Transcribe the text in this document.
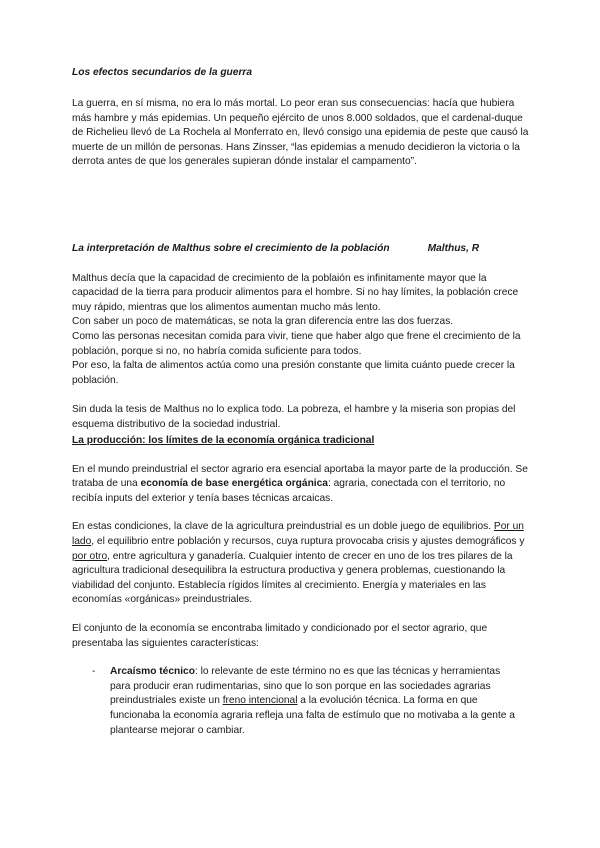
Los efectos secundarios de la guerra

La guerra, en sí misma, no era lo más mortal. Lo peor eran sus consecuencias: hacía que hubiera más hambre y más epidemias. Un pequeño ejército de unos 8.000 soldados, que el cardenal-duque de Richelieu llevó de La Rochela al Monferrato en, llevó consigo una epidemia de peste que causó la muerte de un millón de personas. Hans Zinsser, “las epidemias a menudo decidieron la victoria o la derrota antes de que los generales supieran dónde instalar el campamento”.

La interpretación de Malthus sobre el crecimiento de la población	Malthus, R

Malthus decía que la capacidad de crecimiento de la poblaión es infinitamente mayor que la capacidad de la tierra para producir alimentos para el hombre. Si no hay límites, la población crece muy rápido, mientras que los alimentos aumentan mucho más lento.

Con saber un poco de matemáticas, se nota la gran diferencia entre las dos fuerzas.

Como las personas necesitan comida para vivir, tiene que haber algo que frene el crecimiento de la población, porque si no, no habría comida suficiente para todos.

Por eso, la falta de alimentos actúa como una presión constante que limita cuánto puede crecer la población.

Sin duda la tesis de Malthus no lo explica todo. La pobreza, el hambre y la miseria son propias del esquema distributivo de la sociedad industrial.

La producción: los límites de la economía orgánica tradicional

En el mundo preindustrial el sector agrario era esencial aportaba la mayor parte de la producción. Se trataba de una economía de base energética orgánica: agraria, conectada con el territorio, no recibía inputs del exterior y tenía bases técnicas arcaicas.

En estas condiciones, la clave de la agricultura preindustrial es un doble juego de equilibrios. Por un lado, el equilibrio entre población y recursos, cuya ruptura provocaba crisis y ajustes demográficos y por otro, entre agricultura y ganadería. Cualquier intento de crecer en uno de los tres pilares de la agricultura tradicional desequilibra la estructura productiva y genera problemas, cuestionando la viabilidad del conjunto. Establecía rígidos límites al crecimiento. Energía y materiales en las economías «orgánicas» preindustriales.

El conjunto de la economía se encontraba limitado y condicionado por el sector agrario, que presentaba las siguientes características:

-	Arcaísmo técnico: lo relevante de este término no es que las técnicas y herramientas para producir eran rudimentarias, sino que lo son porque en las sociedades agrarias preindustriales existe un freno intencional a la evolución técnica. La forma en que funcionaba la economía agraria refleja una falta de estímulo que no motivaba a la gente a plantearse mejorar o cambiar.
